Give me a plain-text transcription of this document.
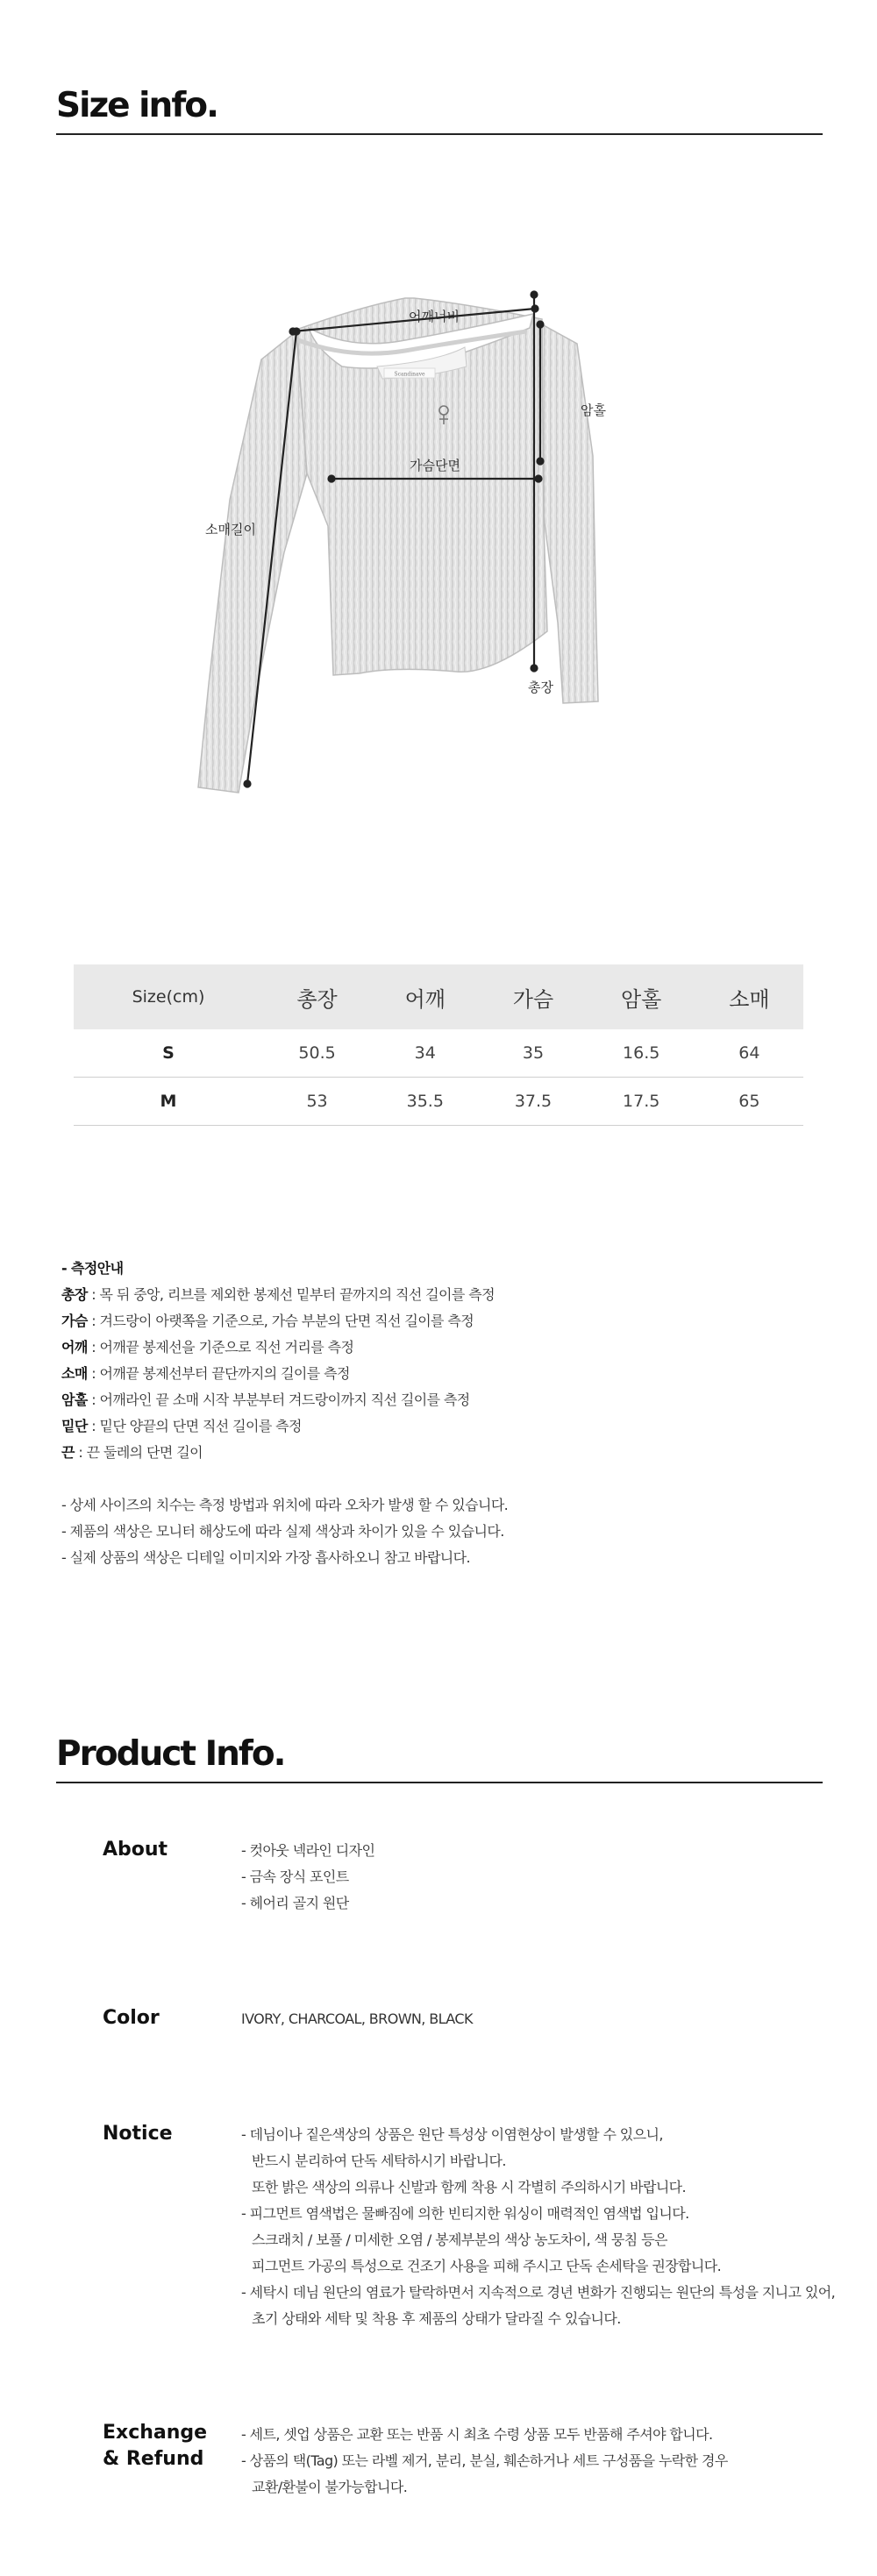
Size info.
Scandinave
어깨너비
암홀
가슴단면
소매길이
총장
Size(cm)	총장	어깨	가슴	암홀	소매
S	50.5	34	35	16.5	64
M	53	35.5	37.5	17.5	65
- 측정안내
총장 : 목 뒤 중앙, 리브를 제외한 봉제선 밑부터 끝까지의 직선 길이를 측정
가슴 : 겨드랑이 아랫쪽을 기준으로, 가슴 부분의 단면 직선 길이를 측정
어깨 : 어깨끝 봉제선을 기준으로 직선 거리를 측정
소매 : 어깨끝 봉제선부터 끝단까지의 길이를 측정
암홀 : 어깨라인 끝 소매 시작 부분부터 겨드랑이까지 직선 길이를 측정
밑단 : 밑단 양끝의 단면 직선 길이를 측정
끈 : 끈 둘레의 단면 길이
- 상세 사이즈의 치수는 측정 방법과 위치에 따라 오차가 발생 할 수 있습니다.
- 제품의 색상은 모니터 해상도에 따라 실제 색상과 차이가 있을 수 있습니다.
- 실제 상품의 색상은 디테일 이미지와 가장 흡사하오니 참고 바랍니다.
Product Info.
About	- 컷아웃 넥라인 디자인
- 금속 장식 포인트
- 헤어리 골지 원단
Color	IVORY, CHARCOAL, BROWN, BLACK
Notice	- 데님이나 짙은색상의 상품은 원단 특성상 이염현상이 발생할 수 있으니,
반드시 분리하여 단독 세탁하시기 바랍니다.
또한 밝은 색상의 의류나 신발과 함께 착용 시 각별히 주의하시기 바랍니다.
- 피그먼트 염색법은 물빠짐에 의한 빈티지한 워싱이 매력적인 염색법 입니다.
스크래치 / 보풀 / 미세한 오염 / 봉제부분의 색상 농도차이, 색 뭉침 등은
피그먼트 가공의 특성으로 건조기 사용을 피해 주시고 단독 손세탁을 권장합니다.
- 세탁시 데님 원단의 염료가 탈락하면서 지속적으로 경년 변화가 진행되는 원단의 특성을 지니고 있어,
초기 상태와 세탁 및 착용 후 제품의 상태가 달라질 수 있습니다.
Exchange
& Refund
- 세트, 셋업 상품은 교환 또는 반품 시 최초 수령 상품 모두 반품해 주셔야 합니다.
- 상품의 택(Tag) 또는 라벨 제거, 분리, 분실, 훼손하거나 세트 구성품을 누락한 경우
교환/환불이 불가능합니다.
